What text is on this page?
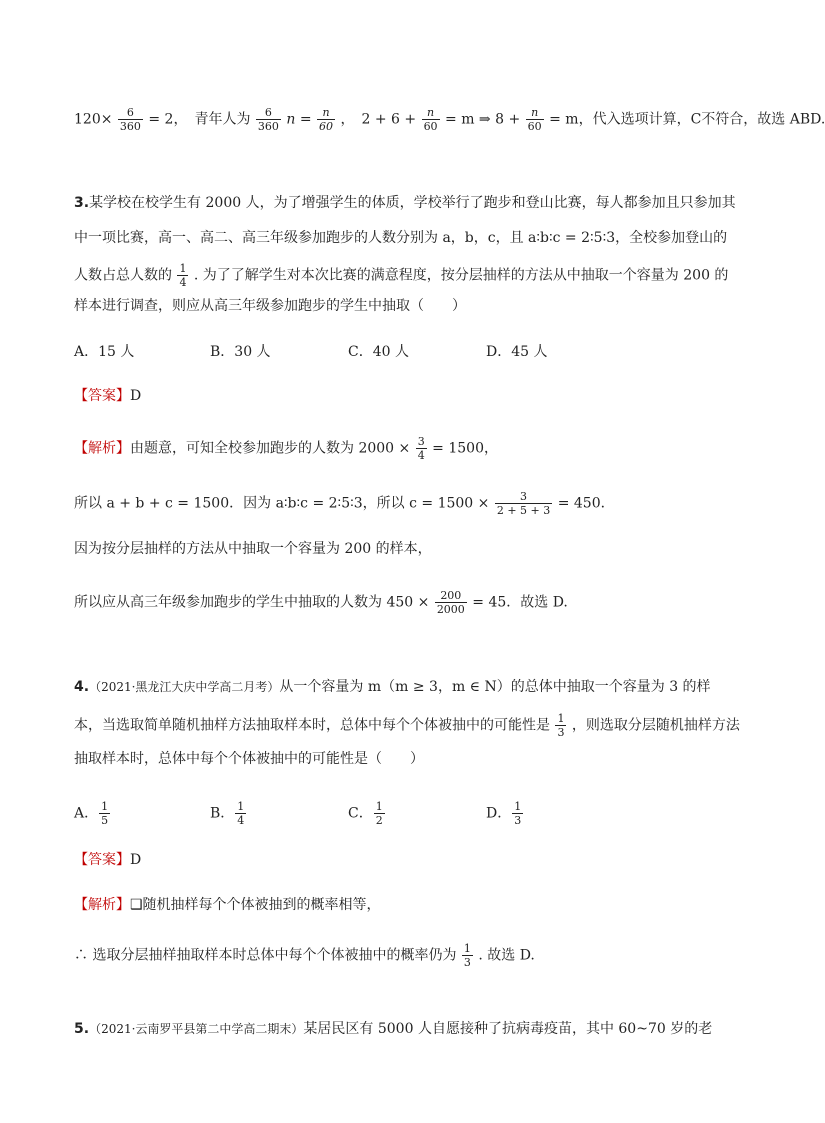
$120\times \frac{6}{360} = 2$，　青年人为 $\frac{6}{360}$ $n = \frac{n}{60}$ ，　$2 + 6 + \frac{n}{60} = m$ ⇒ $8 + \frac{n}{60} = m$，代入选项计算，C不符合，故选 ABD.
3.某学校在校学生有 2000 人，为了增强学生的体质，学校举行了跑步和登山比赛，每人都参加且只参加其
中一项比赛，高一、高二、高三年级参加跑步的人数分别为 a，b，c，且 a∶b∶c = 2∶5∶3，全校参加登山的
人数占总人数的 $\frac{1}{4}$ . 为了了解学生对本次比赛的满意程度，按分层抽样的方法从中抽取一个容量为 200 的
样本进行调查，则应从高三年级参加跑步的学生中抽取（　　）
A．15 人	B．30 人	C．40 人	D．45 人
【答案】D
【解析】由题意，可知全校参加跑步的人数为 $2000 \times \frac{3}{4} = 1500$，
所以 a + b + c = 1500．因为 a∶b∶c = 2∶5∶3，所以 $c = 1500 \times \frac{3}{2 + 5 + 3} = 450$．
因为按分层抽样的方法从中抽取一个容量为 200 的样本，
所以应从高三年级参加跑步的学生中抽取的人数为 $450 \times \frac{200}{2000} = 45$．故选 D.
4.（2021·黑龙江大庆中学高二月考）从一个容量为 m（m ≥ 3，m ∈ N）的总体中抽取一个容量为 3 的样
本，当选取简单随机抽样方法抽取样本时，总体中每个个体被抽中的可能性是 $\frac{1}{3}$ ，则选取分层随机抽样方法
抽取样本时，总体中每个个体被抽中的可能性是（　　）
A． $\frac{1}{5}$	B． $\frac{1}{4}$	C． $\frac{1}{2}$	D． $\frac{1}{3}$
【答案】D
【解析】❑随机抽样每个个体被抽到的概率相等，
∴ 选取分层抽样抽取样本时总体中每个个体被抽中的概率仍为 $\frac{1}{3}$ . 故选 D.
5.（2021·云南罗平县第二中学高二期末）某居民区有 5000 人自愿接种了抗病毒疫苗，其中 60~70 岁的老
